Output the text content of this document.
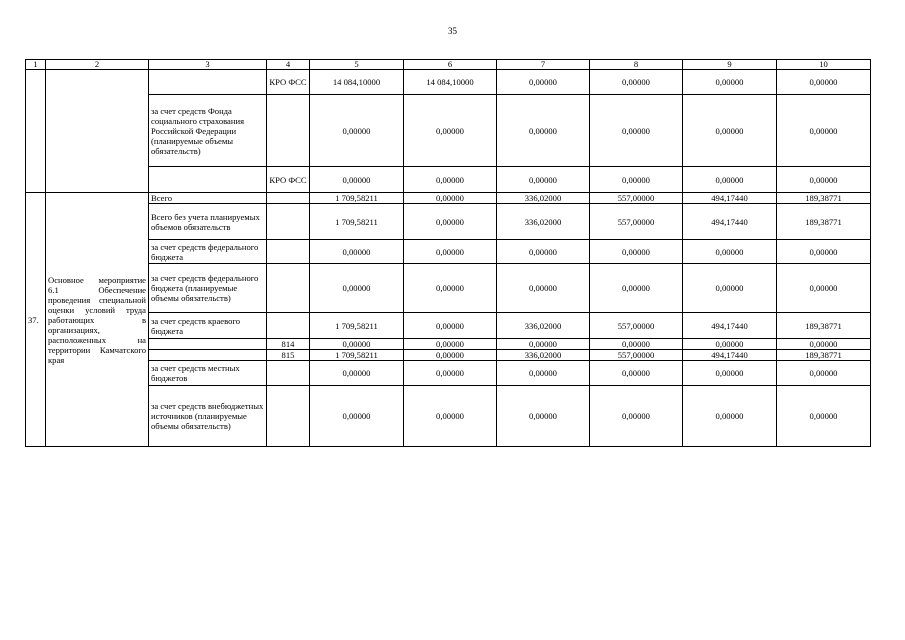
35
1	2	3	4	5	6	7	8	9	10
			КРО ФСС	14 084,10000	14 084,10000	0,00000	0,00000	0,00000	0,00000
		за счет средств Фонда социального страхования Российской Федерации (планируемые объемы обязательств)		0,00000	0,00000	0,00000	0,00000	0,00000	0,00000
			КРО ФСС	0,00000	0,00000	0,00000	0,00000	0,00000	0,00000
37.	Основное мероприятие 6.1 Обеспечение проведения специальной оценки условий труда работающих в организациях, расположенных на территории Камчатского края	Всего		1 709,58211	0,00000	336,02000	557,00000	494,17440	189,38771
		Всего без учета планируемых объемов обязательств		1 709,58211	0,00000	336,02000	557,00000	494,17440	189,38771
		за счет средств федерального бюджета		0,00000	0,00000	0,00000	0,00000	0,00000	0,00000
		за счет средств федерального бюджета (планируемые объемы обязательств)		0,00000	0,00000	0,00000	0,00000	0,00000	0,00000
		за счет средств краевого бюджета		1 709,58211	0,00000	336,02000	557,00000	494,17440	189,38771
			814	0,00000	0,00000	0,00000	0,00000	0,00000	0,00000
			815	1 709,58211	0,00000	336,02000	557,00000	494,17440	189,38771
		за счет средств местных бюджетов		0,00000	0,00000	0,00000	0,00000	0,00000	0,00000
		за счет средств внебюджетных источников (планируемые объемы обязательств)		0,00000	0,00000	0,00000	0,00000	0,00000	0,00000
